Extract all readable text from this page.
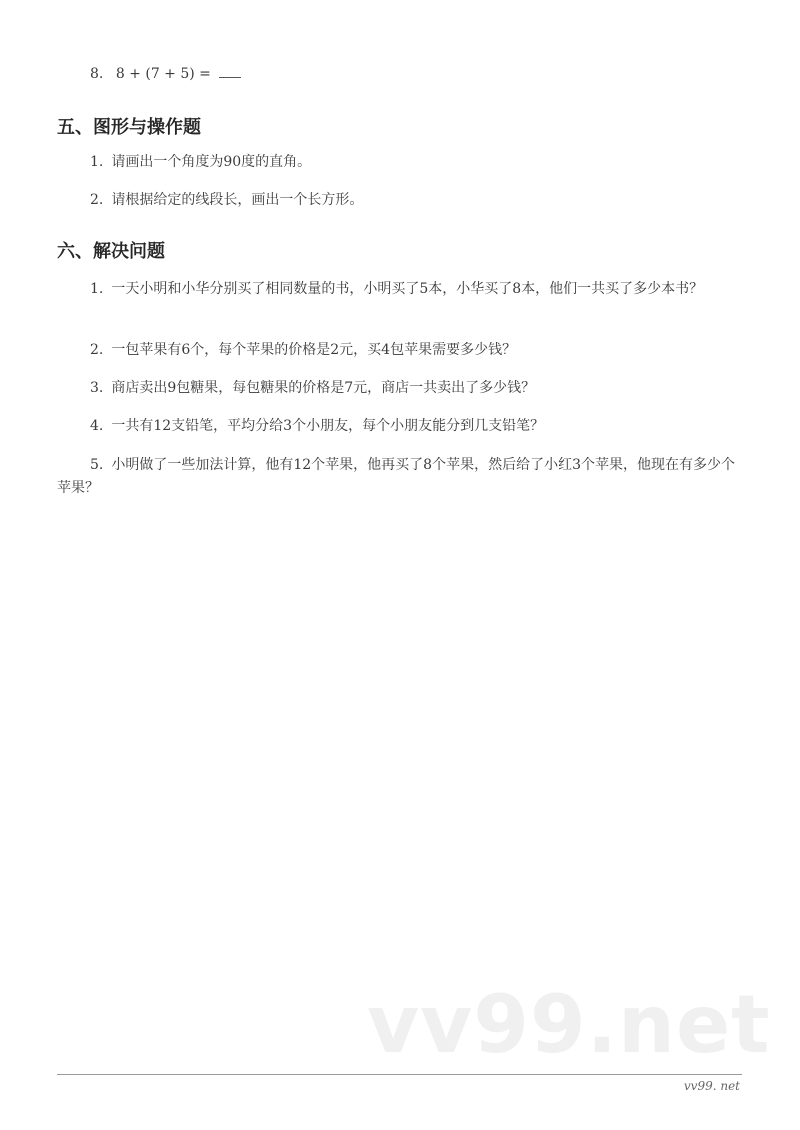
8. 8 + (7 + 5) =
五、图形与操作题
1. 请画出一个角度为90度的直角。
2. 请根据给定的线段长，画出一个长方形。
六、解决问题
1. 一天小明和小华分别买了相同数量的书，小明买了5本，小华买了8本，他们一共买了多少本书？
2. 一包苹果有6个，每个苹果的价格是2元，买4包苹果需要多少钱？
3. 商店卖出9包糖果，每包糖果的价格是7元，商店一共卖出了多少钱？
4. 一共有12支铅笔，平均分给3个小朋友，每个小朋友能分到几支铅笔？
5. 小明做了一些加法计算，他有12个苹果，他再买了8个苹果，然后给了小红3个苹果，他现在有多少个苹果？
vv99.net
vv99. net
